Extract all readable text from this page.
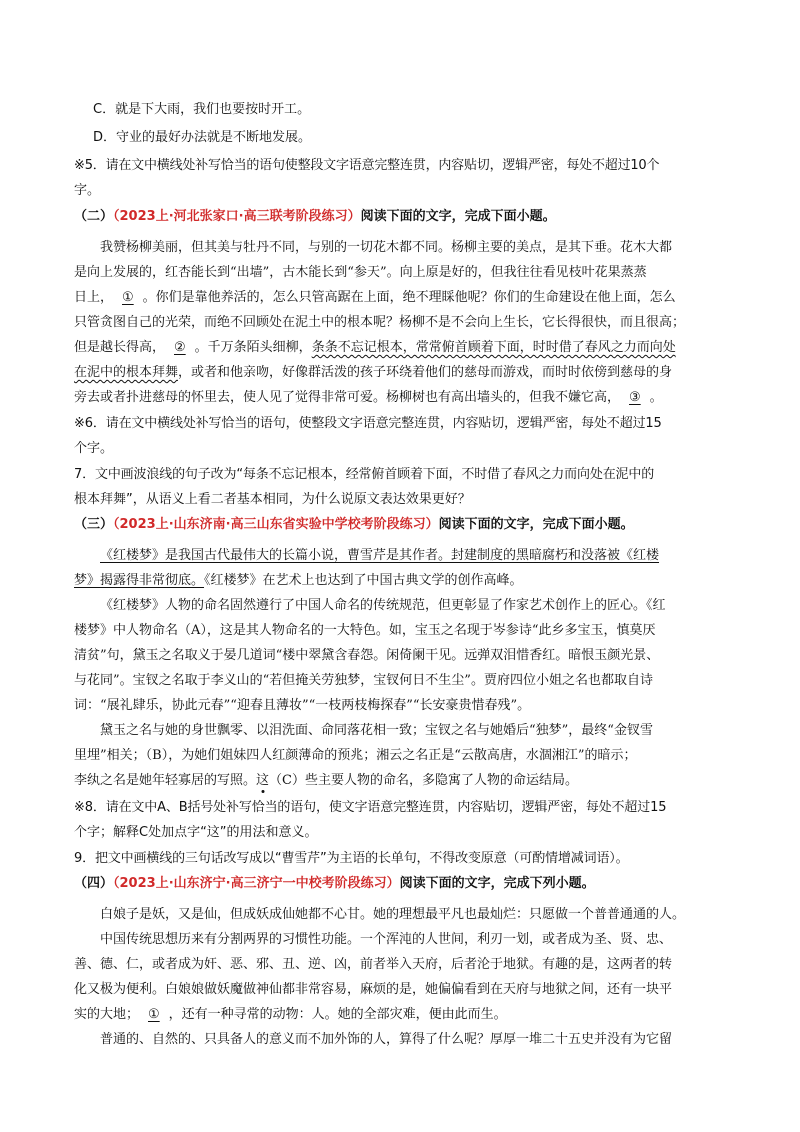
C．就是下大雨，我们也要按时开工。
D．守业的最好办法就是不断地发展。
※5．请在文中横线处补写恰当的语句使整段文字语意完整连贯，内容贴切，逻辑严密，每处不超过10个
字。
（二）（2023上·河北张家口·高三联考阶段练习）阅读下面的文字，完成下面小题。
我赞杨柳美丽，但其美与牡丹不同，与别的一切花木都不同。杨柳主要的美点，是其下垂。花木大都
是向上发展的，红杏能长到“出墙”，古木能长到“参天”。向上原是好的，但我往往看见枝叶花果蒸蒸
日上， ① 。你们是靠他养活的，怎么只管高踞在上面，绝不理睬他呢？你们的生命建设在他上面，怎么
只管贪图自己的光荣，而绝不回顾处在泥土中的根本呢？杨柳不是不会向上生长，它长得很快，而且很高；
但是越长得高， ② 。千万条陌头细柳，条条不忘记根本，常常俯首顾着下面，时时借了春风之力而向处
在泥中的根本拜舞，或者和他亲吻，好像群活泼的孩子环绕着他们的慈母而游戏，而时时依傍到慈母的身
旁去或者扑进慈母的怀里去，使人见了觉得非常可爱。杨柳树也有高出墙头的，但我不嫌它高， ③ 。
※6．请在文中横线处补写恰当的语句，使整段文字语意完整连贯，内容贴切，逻辑严密，每处不超过15
个字。
7．文中画波浪线的句子改为“每条不忘记根本，经常俯首顾着下面，不时借了春风之力而向处在泥中的
根本拜舞”，从语义上看二者基本相同，为什么说原文表达效果更好？
（三）（2023上·山东济南·高三山东省实验中学校考阶段练习）阅读下面的文字，完成下面小题。
《红楼梦》是我国古代最伟大的长篇小说，曹雪芹是其作者。封建制度的黑暗腐朽和没落被《红楼
梦》揭露得非常彻底。《红楼梦》在艺术上也达到了中国古典文学的创作高峰。
《红楼梦》人物的命名固然遵行了中国人命名的传统规范，但更彰显了作家艺术创作上的匠心。《红
楼梦》中人物命名（A），这是其人物命名的一大特色。如，宝玉之名现于岑参诗“此乡多宝玉，慎莫厌
清贫”句，黛玉之名取义于晏几道词“楼中翠黛含春怨。闲倚阑干见。远弹双泪惜香红。暗恨玉颜光景、
与花同”。宝钗之名取于李义山的“若但掩关劳独梦，宝钗何日不生尘”。贾府四位小姐之名也都取自诗
词：“展礼肆乐，协此元春”“迎春且薄妆”“一枝两枝梅探春”“长安豪贵惜春残”。
黛玉之名与她的身世飘零、以泪洗面、命同落花相一致；宝钗之名与她婚后“独梦”，最终“金钗雪
里埋”相关；（B），为她们姐妹四人红颜薄命的预兆；湘云之名正是“云散高唐，水涸湘江”的暗示；
李纨之名是她年轻寡居的写照。这（C）些主要人物的命名，多隐寓了人物的命运结局。
※8．请在文中A、B括号处补写恰当的语句，使文字语意完整连贯，内容贴切，逻辑严密，每处不超过15
个字；解释C处加点字“这”的用法和意义。
9．把文中画横线的三句话改写成以“曹雪芹”为主语的长单句，不得改变原意（可酌情增减词语）。
（四）（2023上·山东济宁·高三济宁一中校考阶段练习）阅读下面的文字，完成下列小题。
白娘子是妖，又是仙，但成妖成仙她都不心甘。她的理想最平凡也最灿烂：只愿做一个普普通通的人。
中国传统思想历来有分割两界的习惯性功能。一个浑沌的人世间，利刃一划，或者成为圣、贤、忠、
善、德、仁，或者成为奸、恶、邪、丑、逆、凶，前者举入天府，后者沦于地狱。有趣的是，这两者的转
化又极为便利。白娘娘做妖魔做神仙都非常容易，麻烦的是，她偏偏看到在天府与地狱之间，还有一块平
实的大地； ① ，还有一种寻常的动物：人。她的全部灾难，便由此而生。
普通的、自然的、只具备人的意义而不加外饰的人，算得了什么呢？厚厚一堆二十五史并没有为它留
